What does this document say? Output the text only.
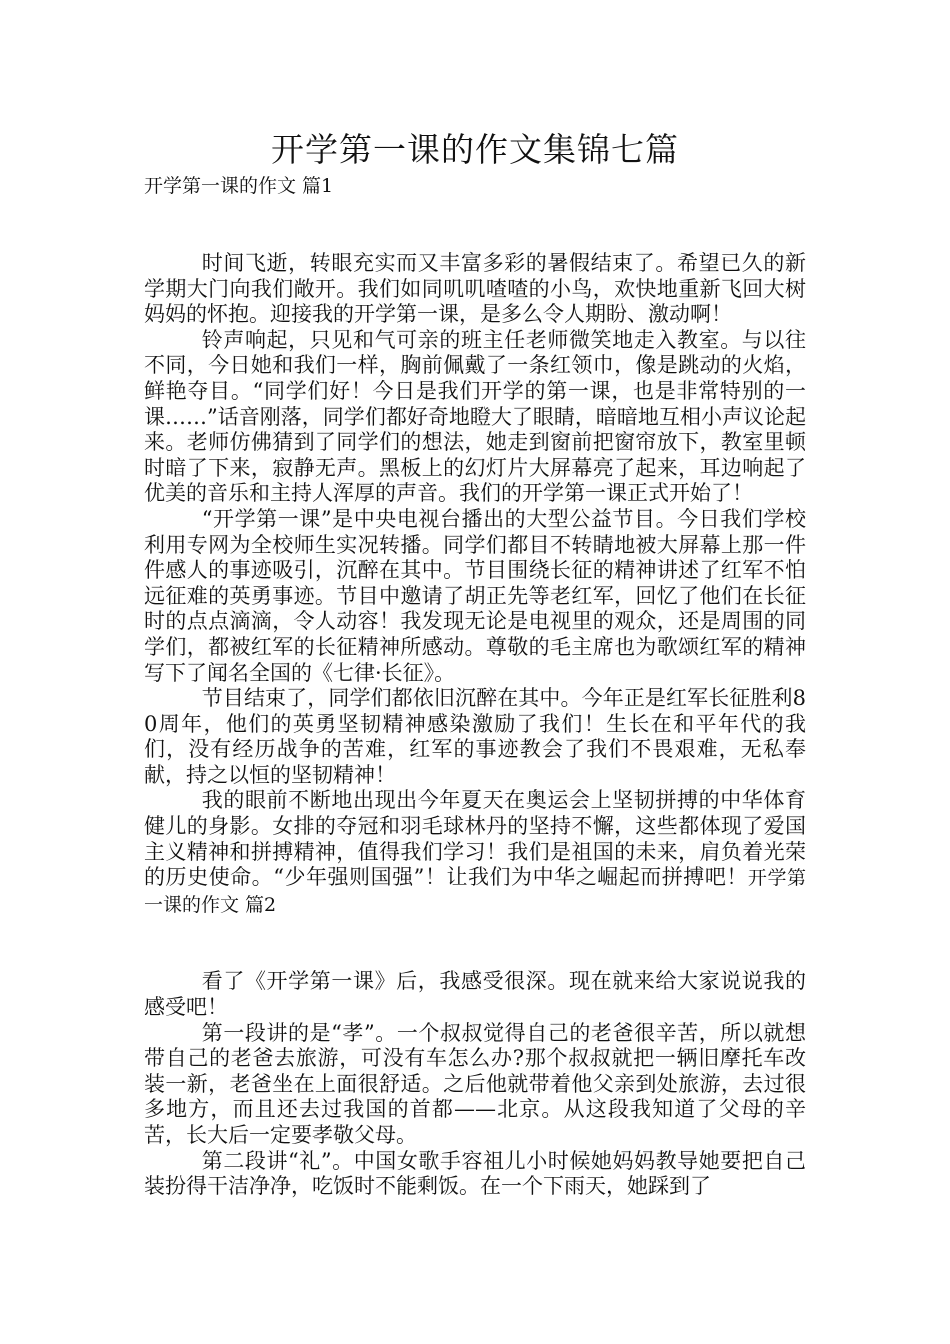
开学第一课的作文集锦七篇

开学第一课的作文 篇1

时间飞逝，转眼充实而又丰富多彩的暑假结束了。希望已久的新学期大门向我们敞开。我们如同叽叽喳喳的小鸟，欢快地重新飞回大树妈妈的怀抱。迎接我的开学第一课，是多么令人期盼、激动啊！

铃声响起，只见和气可亲的班主任老师微笑地走入教室。与以往不同，今日她和我们一样，胸前佩戴了一条红领巾，像是跳动的火焰，鲜艳夺目。“同学们好！今日是我们开学的第一课，也是非常特别的一课……”话音刚落，同学们都好奇地瞪大了眼睛，暗暗地互相小声议论起来。老师仿佛猜到了同学们的想法，她走到窗前把窗帘放下，教室里顿时暗了下来，寂静无声。黑板上的幻灯片大屏幕亮了起来，耳边响起了优美的音乐和主持人浑厚的声音。我们的开学第一课正式开始了！

“开学第一课”是中央电视台播出的大型公益节目。今日我们学校利用专网为全校师生实况转播。同学们都目不转睛地被大屏幕上那一件件感人的事迹吸引，沉醉在其中。节目围绕长征的精神讲述了红军不怕远征难的英勇事迹。节目中邀请了胡正先等老红军，回忆了他们在长征时的点点滴滴，令人动容！我发现无论是电视里的观众，还是周围的同学们，都被红军的长征精神所感动。尊敬的毛主席也为歌颂红军的精神写下了闻名全国的《七律·长征》。

节目结束了，同学们都依旧沉醉在其中。今年正是红军长征胜利80周年，他们的英勇坚韧精神感染激励了我们！生长在和平年代的我们，没有经历战争的苦难，红军的事迹教会了我们不畏艰难，无私奉献，持之以恒的坚韧精神！

我的眼前不断地出现出今年夏天在奥运会上坚韧拼搏的中华体育健儿的身影。女排的夺冠和羽毛球林丹的坚持不懈，这些都体现了爱国主义精神和拼搏精神，值得我们学习！我们是祖国的未来，肩负着光荣的历史使命。“少年强则国强”！让我们为中华之崛起而拼搏吧！开学第一课的作文 篇2

看了《开学第一课》后，我感受很深。现在就来给大家说说我的感受吧！

第一段讲的是“孝”。一个叔叔觉得自己的老爸很辛苦，所以就想带自己的老爸去旅游，可没有车怎么办?那个叔叔就把一辆旧摩托车改装一新，老爸坐在上面很舒适。之后他就带着他父亲到处旅游，去过很多地方，而且还去过我国的首都——北京。从这段我知道了父母的辛苦，长大后一定要孝敬父母。

第二段讲“礼”。中国女歌手容祖儿小时候她妈妈教导她要把自己装扮得干洁净净，吃饭时不能剩饭。在一个下雨天，她踩到了
